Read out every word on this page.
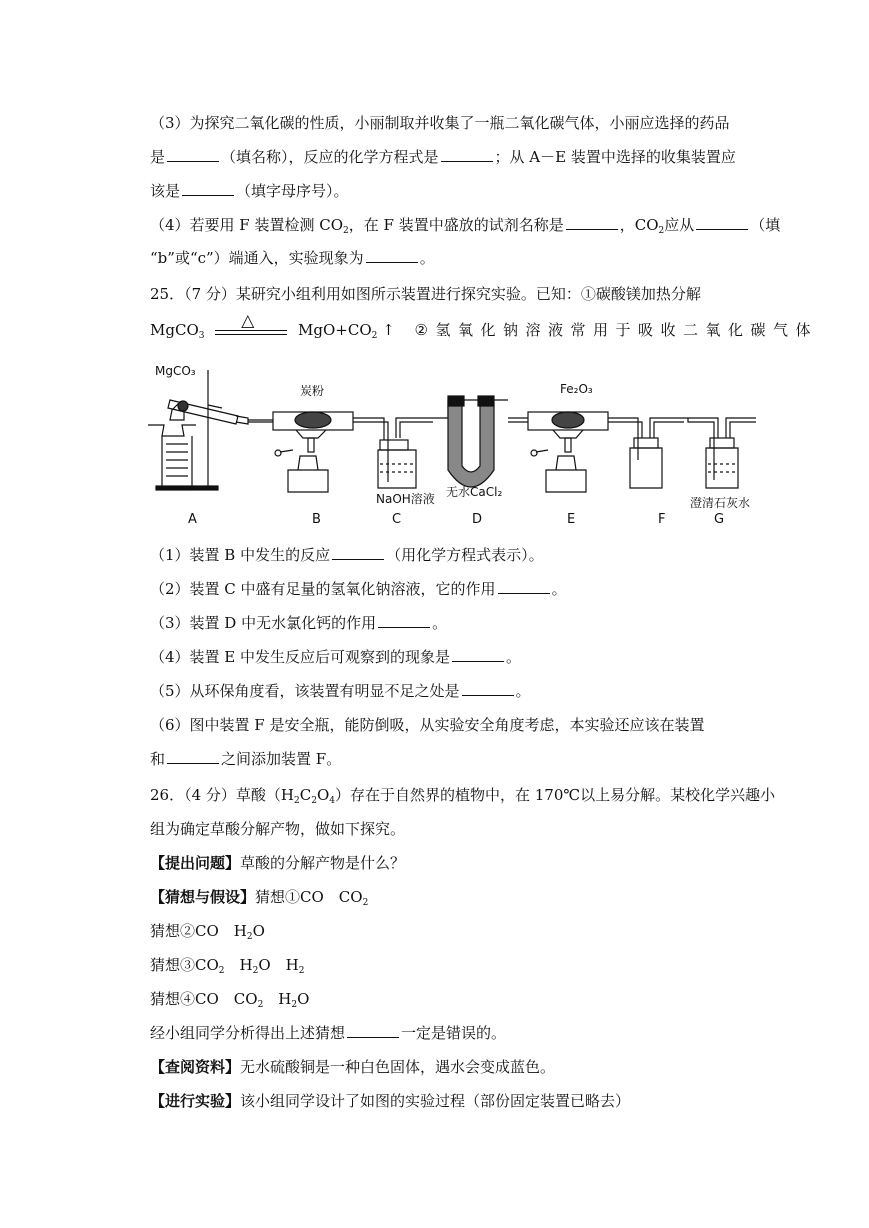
（3）为探究二氧化碳的性质，小丽制取并收集了一瓶二氧化碳气体，小丽应选择的药品
是	（填名称），反应的化学方程式是	；从 A－E 装置中选择的收集装置应
该是	（填字母序号）。
（4）若要用 F 装置检测 $CO_2$，在 F 装置中盛放的试剂名称是	，$CO_2$应从	（填
“b”或“c”）端通入，实验现象为	。
25．（7 分）某研究小组利用如图所示装置进行探究实验。已知：①碳酸镁加热分解
MgCO$_3$
△	$MgO+CO_2$ ↑ ②氢氧化钠溶液常用于吸收二氧化碳气体
MgCO₃
炭粉	Fe₂O₃
NaOH溶液 无水CaCl₂
澄清石灰水
A	B	C	D	E	F	G
（1）装置 B 中发生的反应	（用化学方程式表示）。
（2）装置 C 中盛有足量的氢氧化钠溶液，它的作用	。
（3）装置 D 中无水氯化钙的作用	。
（4）装置 E 中发生反应后可观察到的现象是	。
（5）从环保角度看，该装置有明显不足之处是	。
（6）图中装置 F 是安全瓶，能防倒吸，从实验安全角度考虑，本实验还应该在装置
和	之间添加装置 F。
26．（4 分）草酸$(H_2C_2O_4)$存在于自然界的植物中，在 170℃以上易分解。某校化学兴趣小
组为确定草酸分解产物，做如下探究。
【提出问题】草酸的分解产物是什么？
【猜想与假设】猜想①CO　$CO_2$
猜想②CO　$H_2O$
猜想$③CO_2$　$H_2O$　$H_2$
猜想④CO　$CO_2$　$H_2O$
经小组同学分析得出上述猜想	一定是错误的。
【查阅资料】无水硫酸铜是一种白色固体，遇水会变成蓝色。
【进行实验】该小组同学设计了如图的实验过程（部份固定装置已略去）
